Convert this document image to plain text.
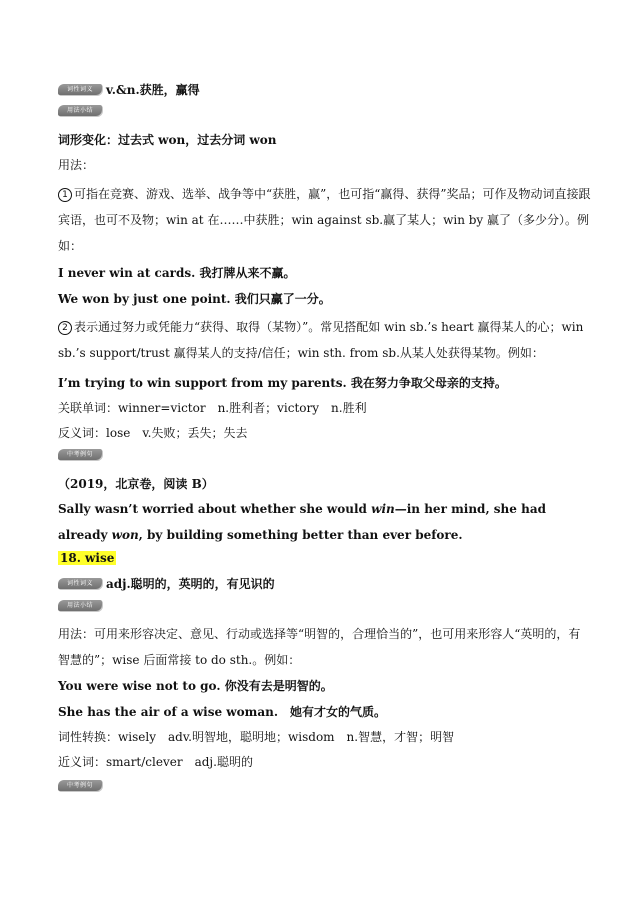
词性词义 v.&n.获胜，赢得
用法小结
词形变化：过去式 won，过去分词 won
用法：
1 可指在竞赛、游戏、选举、战争等中“获胜，赢”，也可指“赢得、获得”奖品；可作及物动词直接跟宾语，也可不及物；win at 在……中获胜；win against sb.赢了某人；win by 赢了（多少分）。例如：
I never win at cards. 我打牌从来不赢。
We won by just one point. 我们只赢了一分。
2 表示通过努力或凭能力“获得、取得（某物）”。常见搭配如 win sb.’s heart 赢得某人的心；win sb.’s support/trust 赢得某人的支持/信任；win sth. from sb.从某人处获得某物。例如：
I’m trying to win support from my parents. 我在努力争取父母亲的支持。
关联单词：winner=victor　n.胜利者；victory　n.胜利
反义词：lose　v.失败；丢失；失去
中考例句
（2019，北京卷，阅读 B）
Sally wasn’t worried about whether she would win—in her mind, she had already won, by building something better than ever before.
18. wise
词性词义 adj.聪明的，英明的，有见识的
用法小结
用法：可用来形容决定、意见、行动或选择等“明智的，合理恰当的”，也可用来形容人“英明的，有智慧的”；wise 后面常接 to do sth.。例如：
You were wise not to go. 你没有去是明智的。
She has the air of a wise woman.　她有才女的气质。
词性转换：wisely　adv.明智地，聪明地；wisdom　n.智慧，才智；明智
近义词：smart/clever　adj.聪明的
中考例句
